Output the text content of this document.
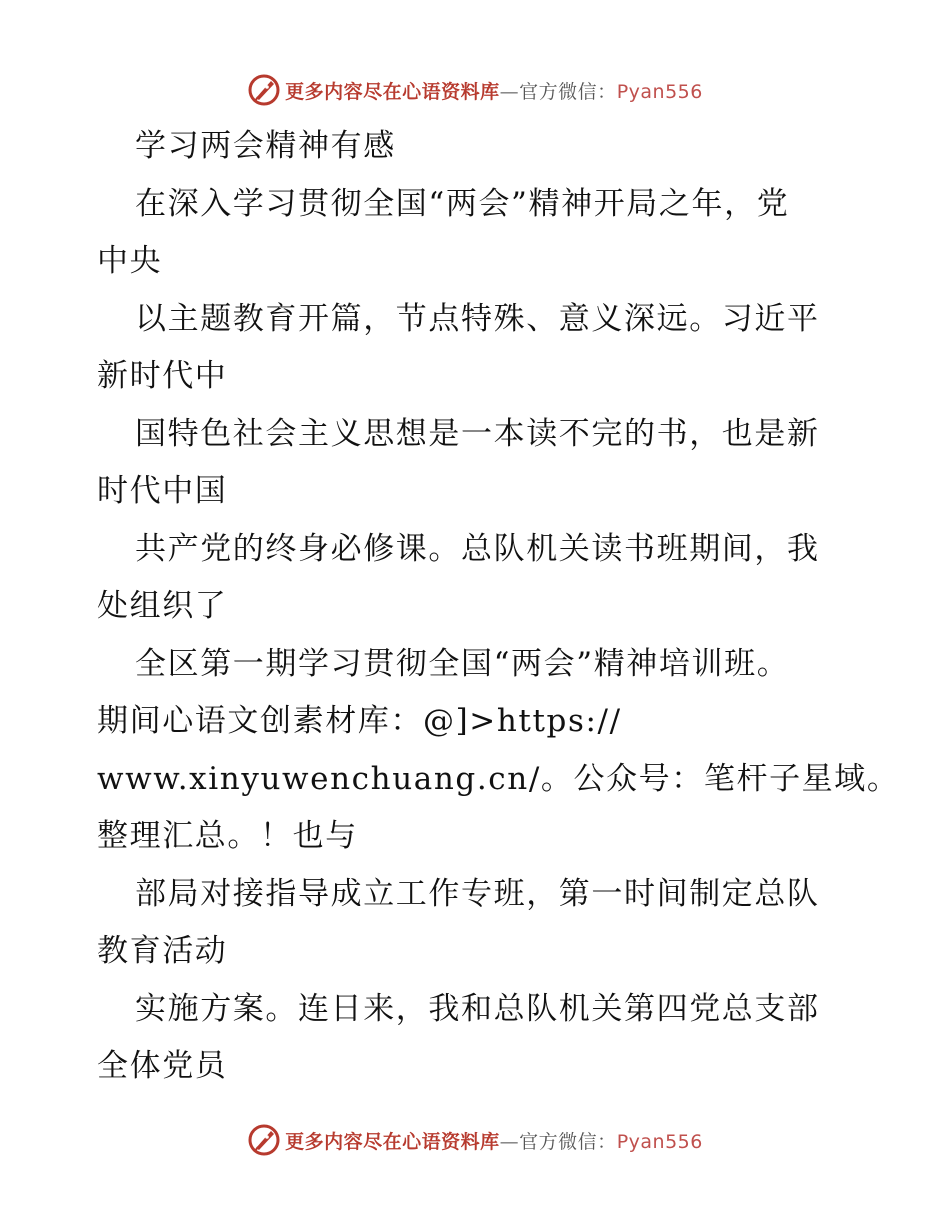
更多内容尽在心语资料库—官方微信：Pyan556
学习两会精神有感
在深入学习贯彻全国“两会”精神开局之年，党
中央
以主题教育开篇，节点特殊、意义深远。习近平
新时代中
国特色社会主义思想是一本读不完的书，也是新
时代中国
共产党的终身必修课。总队机关读书班期间，我
处组织了
全区第一期学习贯彻全国“两会”精神培训班。
期间心语文创素材库：@]>https://
www.xinyuwenchuang.cn/。公众号：笔杆子星域。
整理汇总。！也与
部局对接指导成立工作专班，第一时间制定总队
教育活动
实施方案。连日来，我和总队机关第四党总支部
全体党员
更多内容尽在心语资料库—官方微信：Pyan556
